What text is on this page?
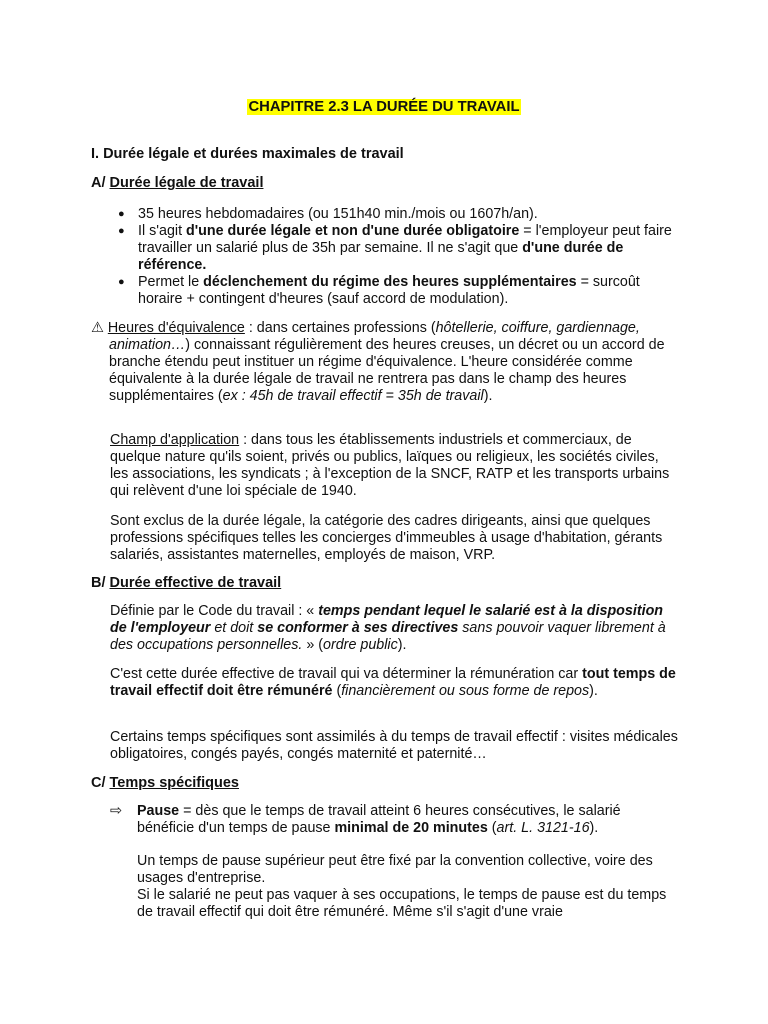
CHAPITRE 2.3 LA DURÉE DU TRAVAIL
I. Durée légale et durées maximales de travail
A/ Durée légale de travail
● 35 heures hebdomadaires (ou 151h40 min./mois ou 1607h/an).
● Il s'agit d'une durée légale et non d'une durée obligatoire = l'employeur peut faire travailler un salarié plus de 35h par semaine. Il ne s'agit que d'une durée de référence.
● Permet le déclenchement du régime des heures supplémentaires = surcoût horaire + contingent d'heures (sauf accord de modulation).
⚠ Heures d'équivalence : dans certaines professions (hôtellerie, coiffure, gardiennage, animation…) connaissant régulièrement des heures creuses, un décret ou un accord de branche étendu peut instituer un régime d'équivalence. L'heure considérée comme équivalente à la durée légale de travail ne rentrera pas dans le champ des heures supplémentaires (ex : 45h de travail effectif = 35h de travail).
Champ d'application : dans tous les établissements industriels et commerciaux, de quelque nature qu'ils soient, privés ou publics, laïques ou religieux, les sociétés civiles, les associations, les syndicats ; à l'exception de la SNCF, RATP et les transports urbains qui relèvent d'une loi spéciale de 1940.
Sont exclus de la durée légale, la catégorie des cadres dirigeants, ainsi que quelques professions spécifiques telles les concierges d'immeubles à usage d'habitation, gérants salariés, assistantes maternelles, employés de maison, VRP.
B/ Durée effective de travail
Définie par le Code du travail : « temps pendant lequel le salarié est à la disposition de l'employeur et doit se conformer à ses directives sans pouvoir vaquer librement à des occupations personnelles. » (ordre public).
C'est cette durée effective de travail qui va déterminer la rémunération car tout temps de travail effectif doit être rémunéré (financièrement ou sous forme de repos).
Certains temps spécifiques sont assimilés à du temps de travail effectif : visites médicales obligatoires, congés payés, congés maternité et paternité…
C/ Temps spécifiques
⇨	Pause = dès que le temps de travail atteint 6 heures consécutives, le salarié bénéficie d'un temps de pause minimal de 20 minutes (art. L. 3121-16).
Un temps de pause supérieur peut être fixé par la convention collective, voire des usages d'entreprise.
Si le salarié ne peut pas vaquer à ses occupations, le temps de pause est du temps de travail effectif qui doit être rémunéré. Même s'il s'agit d'une vraie
